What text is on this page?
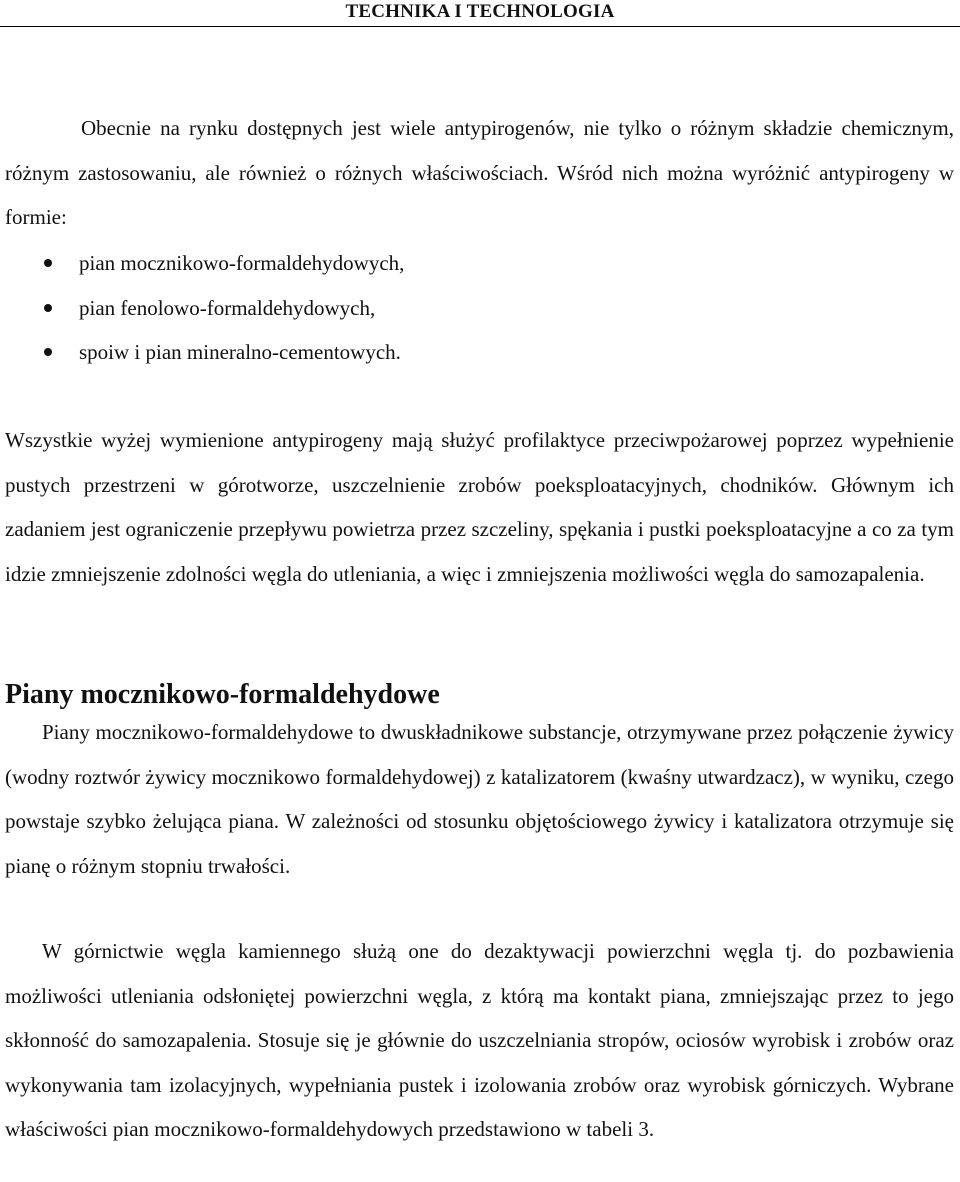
TECHNIKA I TECHNOLOGIA

Obecnie na rynku dostępnych jest wiele antypirogenów, nie tylko o różnym składzie chemicznym, różnym zastosowaniu, ale również o różnych właściwościach. Wśród nich można wyróżnić antypirogeny w formie:

pian mocznikowo-formaldehydowych,
pian fenolowo-formaldehydowych,
spoiw i pian mineralno-cementowych.

Wszystkie wyżej wymienione antypirogeny mają służyć profilaktyce przeciwpożarowej poprzez wypełnienie pustych przestrzeni w górotworze, uszczelnienie zrobów poeksploatacyjnych, chodników. Głównym ich zadaniem jest ograniczenie przepływu powietrza przez szczeliny, spękania i pustki poeksploatacyjne a co za tym idzie zmniejszenie zdolności węgla do utleniania, a więc i zmniejszenia możliwości węgla do samozapalenia.

Piany mocznikowo-formaldehydowe

Piany mocznikowo-formaldehydowe to dwuskładnikowe substancje, otrzymywane przez połączenie żywicy (wodny roztwór żywicy mocznikowo formaldehydowej) z katalizatorem (kwaśny utwardzacz), w wyniku, czego powstaje szybko żelująca piana. W zależności od stosunku objętościowego żywicy i katalizatora otrzymuje się pianę o różnym stopniu trwałości.

W górnictwie węgla kamiennego służą one do dezaktywacji powierzchni węgla tj. do pozbawienia możliwości utleniania odsłoniętej powierzchni węgla, z którą ma kontakt piana, zmniejszając przez to jego skłonność do samozapalenia. Stosuje się je głównie do uszczelniania stropów, ociosów wyrobisk i zrobów oraz wykonywania tam izolacyjnych, wypełniania pustek i izolowania zrobów oraz wyrobisk górniczych. Wybrane właściwości pian mocznikowo-formaldehydowych przedstawiono w tabeli 3.
